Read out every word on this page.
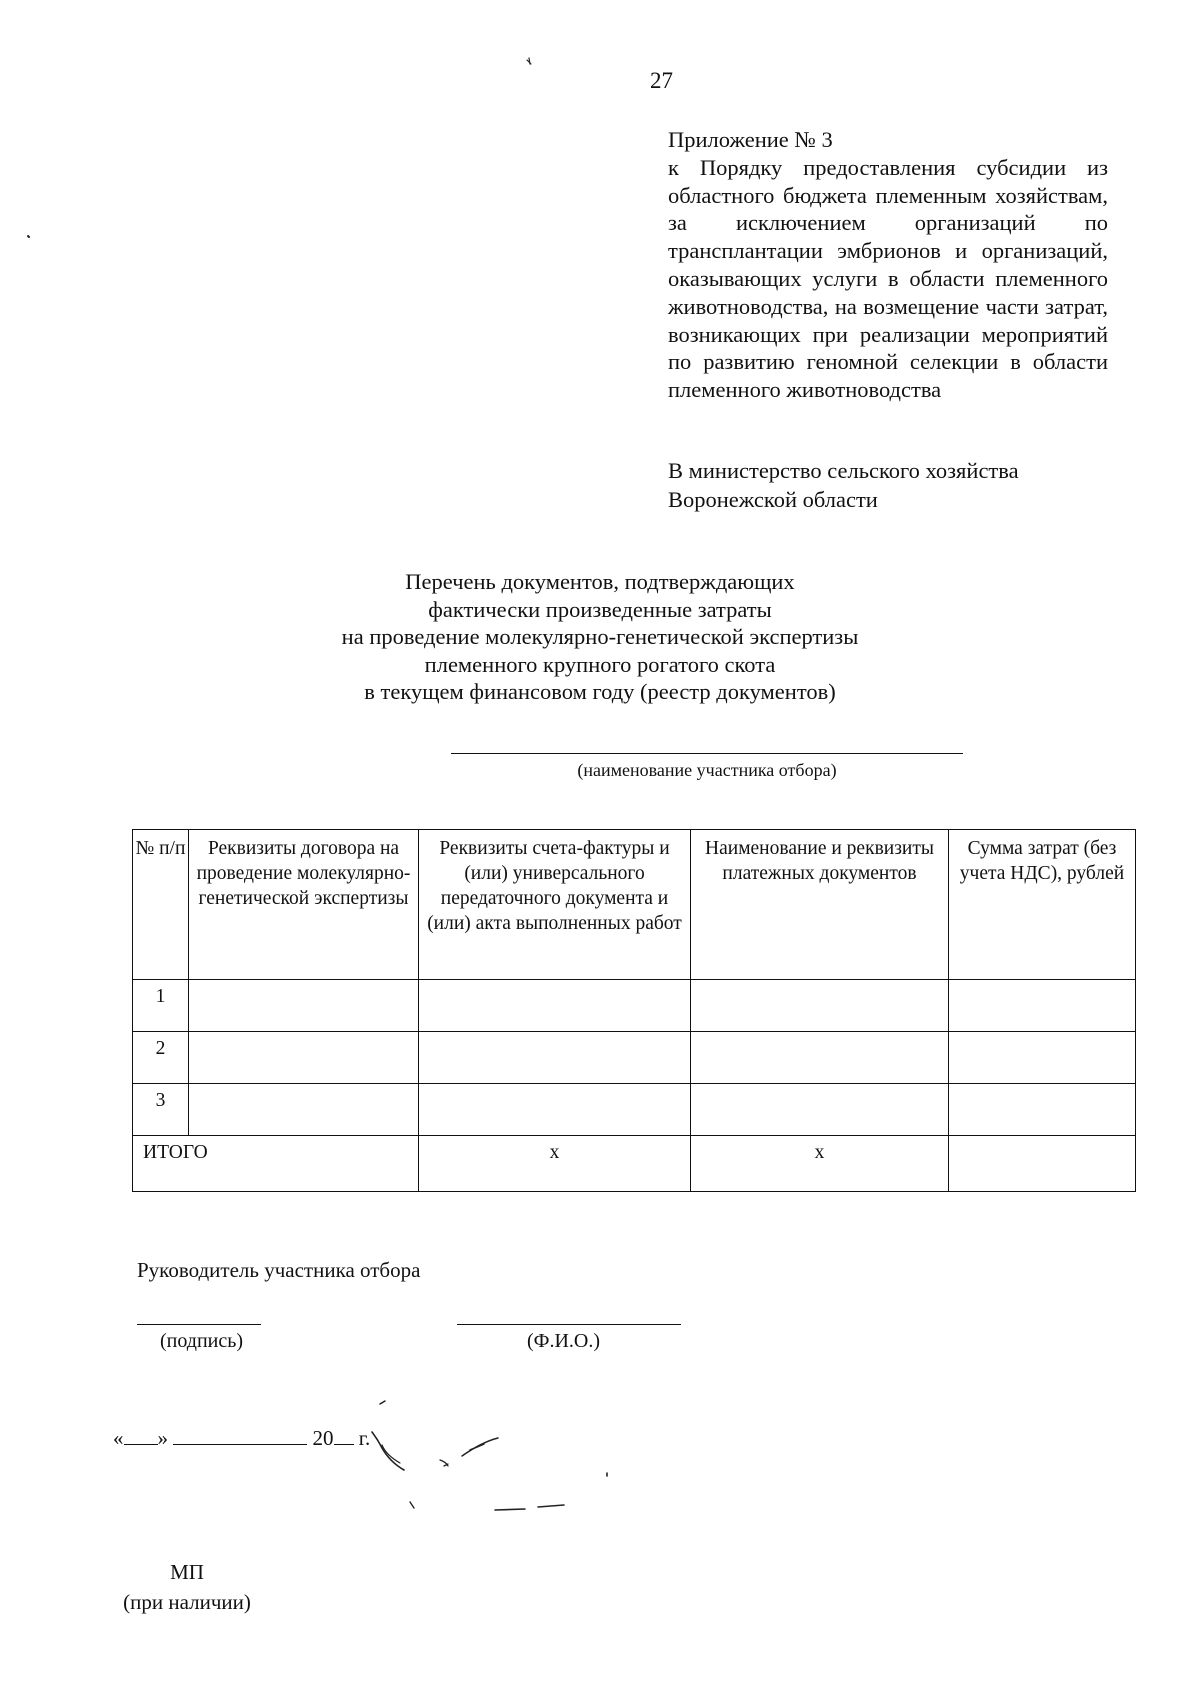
27
Приложение № 3
к Порядку предоставления субсидии из областного бюджета племенным хозяйствам, за исключением организаций по трансплантации эмбрионов и организаций, оказывающих услуги в области племенного животноводства, на возмещение части затрат, возникающих при реализации мероприятий по развитию геномной селекции в области племенного животноводства
В министерство сельского хозяйства
Воронежской области
Перечень документов, подтверждающих
фактически произведенные затраты
на проведение молекулярно-генетической экспертизы
племенного крупного рогатого скота
в текущем финансовом году (реестр документов)
(наименование участника отбора)
№ п/п	Реквизиты договора на проведение молекулярно-генетической экспертизы	Реквизиты счета-фактуры и (или) универсального передаточного документа и (или) акта выполненных работ	Наименование и реквизиты платежных документов	Сумма затрат (без учета НДС), рублей
1				
2				
3				
ИТОГО		x	x	
Руководитель участника отбора
(подпись)	(Ф.И.О.)
« »	20 г.
МП
(при наличии)
